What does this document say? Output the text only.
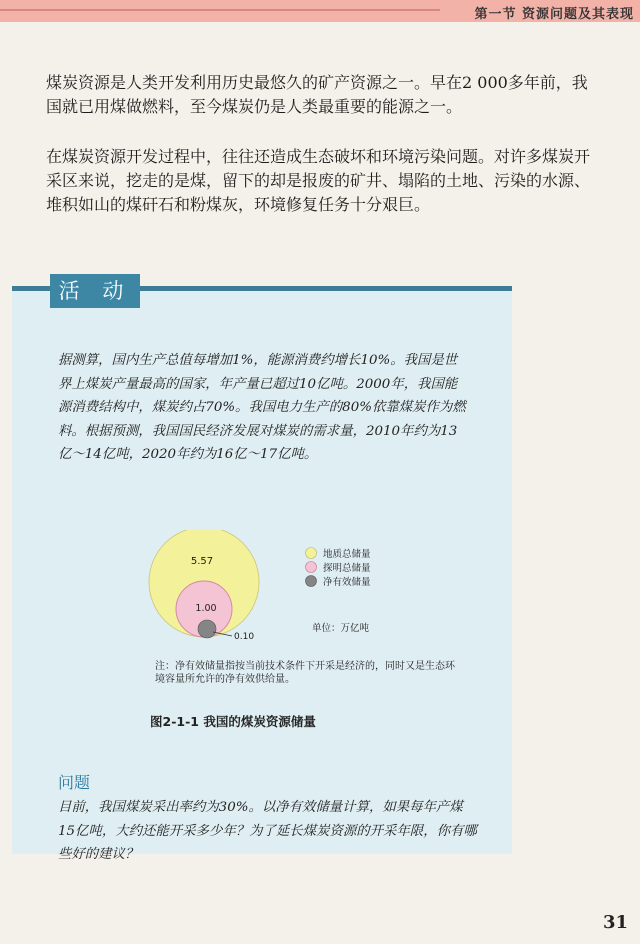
第一节 资源问题及其表现

煤炭资源是人类开发利用历史最悠久的矿产资源之一。早在2 000多年前，我国就已用煤做燃料，至今煤炭仍是人类最重要的能源之一。

在煤炭资源开发过程中，往往还造成生态破坏和环境污染问题。对许多煤炭开采区来说，挖走的是煤，留下的却是报废的矿井、塌陷的土地、污染的水源、堆积如山的煤矸石和粉煤灰，环境修复任务十分艰巨。

活 动

据测算，国内生产总值每增加1%，能源消费约增长10%。我国是世界上煤炭产量最高的国家，年产量已超过10亿吨。2000年，我国能源消费结构中，煤炭约占70%。我国电力生产的80%依靠煤炭作为燃料。根据预测，我国国民经济发展对煤炭的需求量，2010年约为13亿～14亿吨，2020年约为16亿～17亿吨。

5.57
1.00
0.10
地质总储量
探明总储量
净有效储量
单位：万亿吨

注：净有效储量指按当前技术条件下开采是经济的，同时又是生态环境容量所允许的净有效供给量。

图2-1-1 我国的煤炭资源储量
问题

目前，我国煤炭采出率约为30%。以净有效储量计算，如果每年产煤15亿吨，大约还能开采多少年？为了延长煤炭资源的开采年限，你有哪些好的建议？

31
